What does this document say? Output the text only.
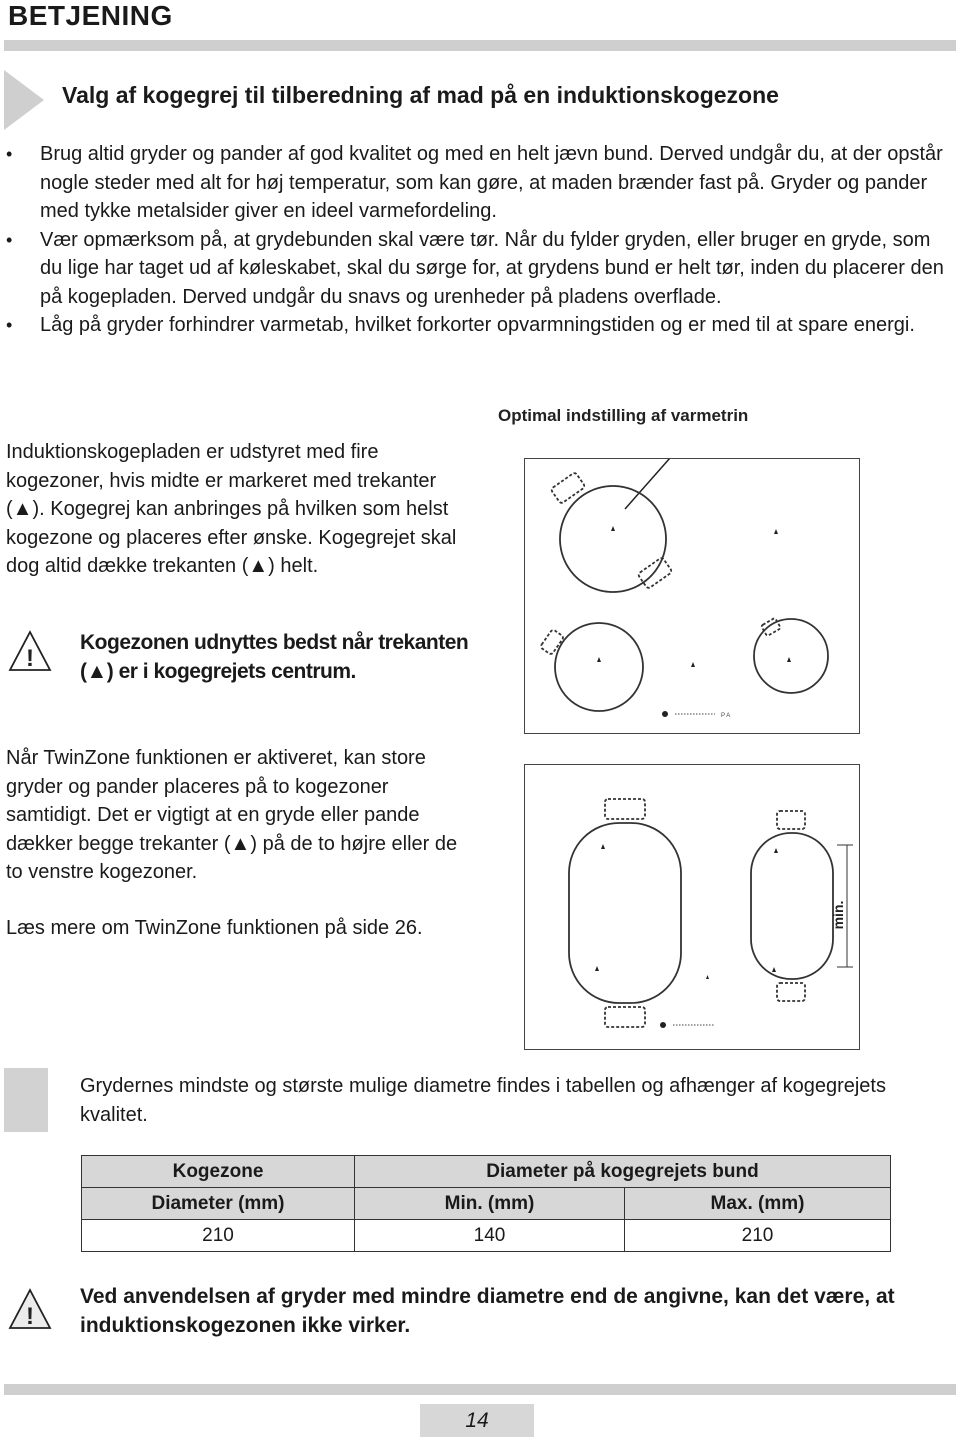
BETJENING
Valg af kogegrej til tilberedning af mad på en induktionskogezone
• Brug altid gryder og pander af god kvalitet og med en helt jævn bund. Derved undgår du, at der opstår nogle steder med alt for høj temperatur, som kan gøre, at maden brænder fast på. Gryder og pander med tykke metalsider giver en ideel varmefordeling.
• Vær opmærksom på, at grydebunden skal være tør. Når du fylder gryden, eller bruger en gryde, som du lige har taget ud af køleskabet, skal du sørge for, at grydens bund er helt tør, inden du placerer den på kogepladen. Derved undgår du snavs og urenheder på pladens overflade.
• Låg på gryder forhindrer varmetab, hvilket forkorter opvarmningstiden og er med til at spare energi.
Induktionskogepladen er udstyret med fire kogezoner, hvis midte er markeret med trekanter (▲). Kogegrej kan anbringes på hvilken som helst kogezone og placeres efter ønske. Kogegrejet skal dog altid dække trekanten (▲) helt.
Optimal indstilling af varmetrin
P A
!
Kogezonen udnyttes bedst når trekanten (▲) er i kogegrejets centrum.
Når TwinZone funktionen er aktiveret, kan store gryder og pander placeres på to kogezoner samtidigt. Det er vigtigt at en gryde eller pande dækker begge trekanter (▲) på de to højre eller de to venstre kogezoner.
Læs mere om TwinZone funktionen på side 26.	min.
Grydernes mindste og største mulige diametre findes i tabellen og afhænger af kogegrejets kvalitet.
Kogezone	Diameter på kogegrejets bund	
Diameter (mm)	Min. (mm)	Max. (mm)
210	140	210
!
Ved anvendelsen af gryder med mindre diametre end de angivne, kan det være, at induktionskogezonen ikke virker.
14
